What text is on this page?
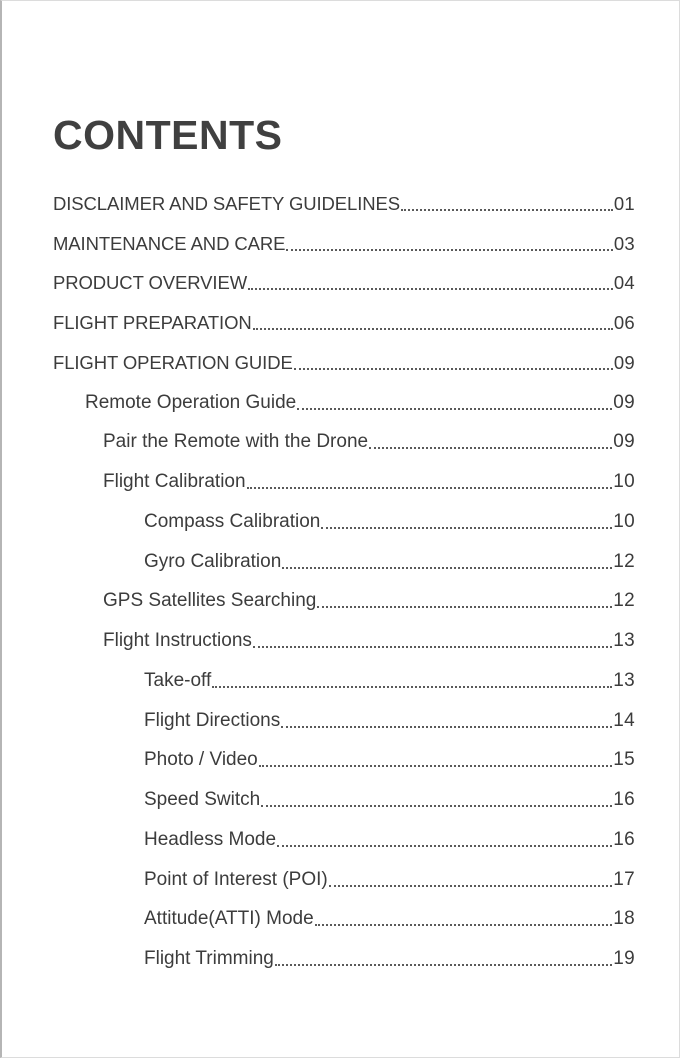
CONTENTS
DISCLAIMER AND SAFETY GUIDELINES	01
MAINTENANCE AND CARE	03
PRODUCT OVERVIEW	04
FLIGHT PREPARATION	06
FLIGHT OPERATION GUIDE	09
Remote Operation Guide	09
Pair the Remote with the Drone	09
Flight Calibration	10
Compass Calibration	10
Gyro Calibration	12
GPS Satellites Searching	12
Flight Instructions	13
Take-off	13
Flight Directions	14
Photo / Video	15
Speed Switch	16
Headless Mode	16
Point of Interest (POI)	17
Attitude(ATTI) Mode	18
Flight Trimming	19
